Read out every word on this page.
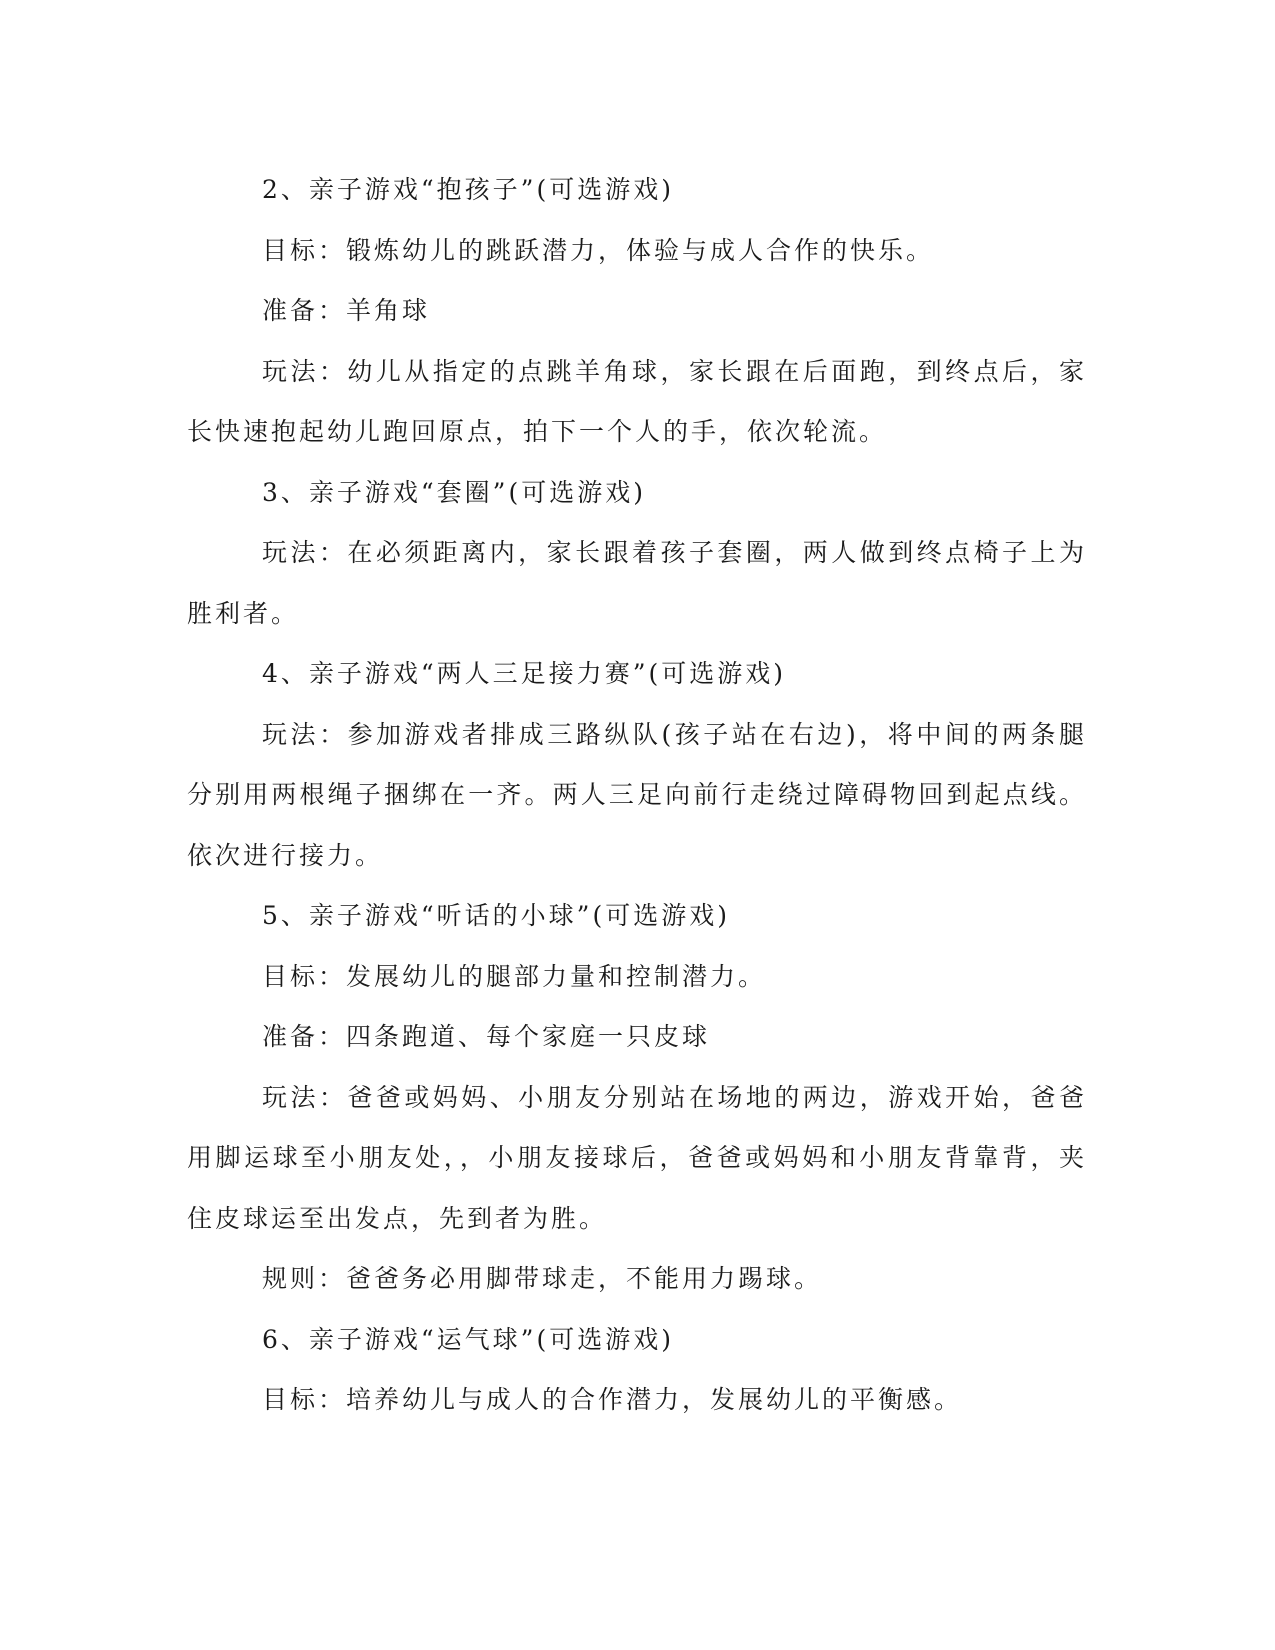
2、亲子游戏“抱孩子”(可选游戏)

目标：锻炼幼儿的跳跃潜力，体验与成人合作的快乐。

准备：羊角球

玩法：幼儿从指定的点跳羊角球，家长跟在后面跑，到终点后，家长快速抱起幼儿跑回原点，拍下一个人的手，依次轮流。

3、亲子游戏“套圈”(可选游戏)

玩法：在必须距离内，家长跟着孩子套圈，两人做到终点椅子上为胜利者。

4、亲子游戏“两人三足接力赛”(可选游戏)

玩法：参加游戏者排成三路纵队(孩子站在右边)，将中间的两条腿分别用两根绳子捆绑在一齐。两人三足向前行走绕过障碍物回到起点线。依次进行接力。

5、亲子游戏“听话的小球”(可选游戏)

目标：发展幼儿的腿部力量和控制潜力。

准备：四条跑道、每个家庭一只皮球

玩法：爸爸或妈妈、小朋友分别站在场地的两边，游戏开始，爸爸用脚运球至小朋友处，，小朋友接球后，爸爸或妈妈和小朋友背靠背，夹住皮球运至出发点，先到者为胜。

规则：爸爸务必用脚带球走，不能用力踢球。

6、亲子游戏“运气球”(可选游戏)

目标：培养幼儿与成人的合作潜力，发展幼儿的平衡感。
